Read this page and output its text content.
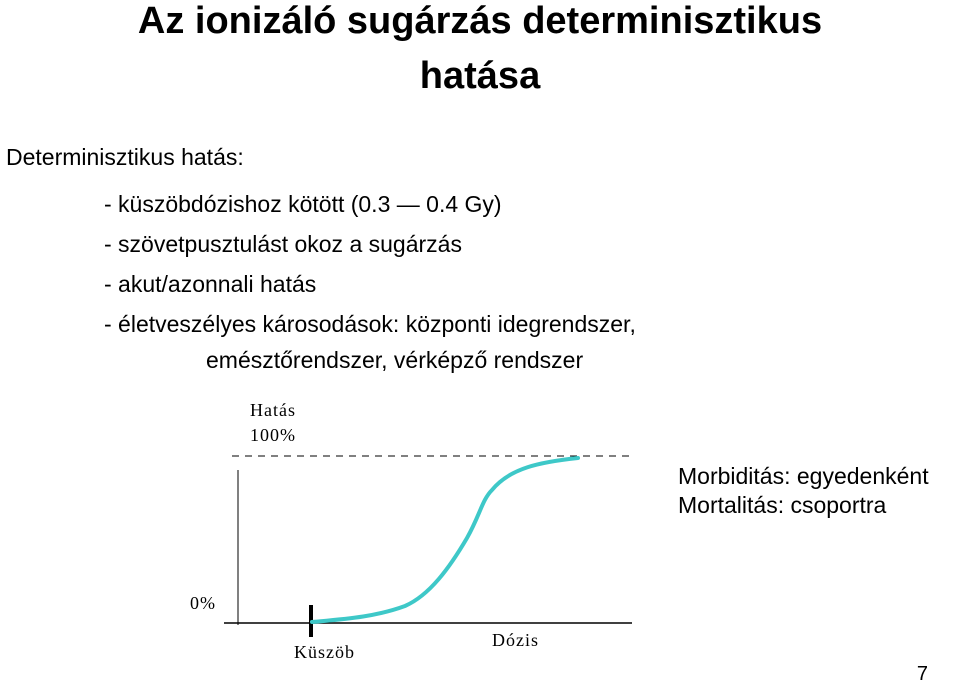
Az ionizáló sugárzás determinisztikus
hatása
Determinisztikus hatás:
- küszöbdózishoz kötött (0.3 — 0.4 Gy)
- szövetpusztulást okoz a sugárzás
- akut/azonnali hatás
- életveszélyes károsodások: központi idegrendszer,
emésztőrendszer, vérképző rendszer
Hatás
100%
0%
Küszöb
Dózis
Morbiditás: egyedenként
Mortalitás: csoportra
7
